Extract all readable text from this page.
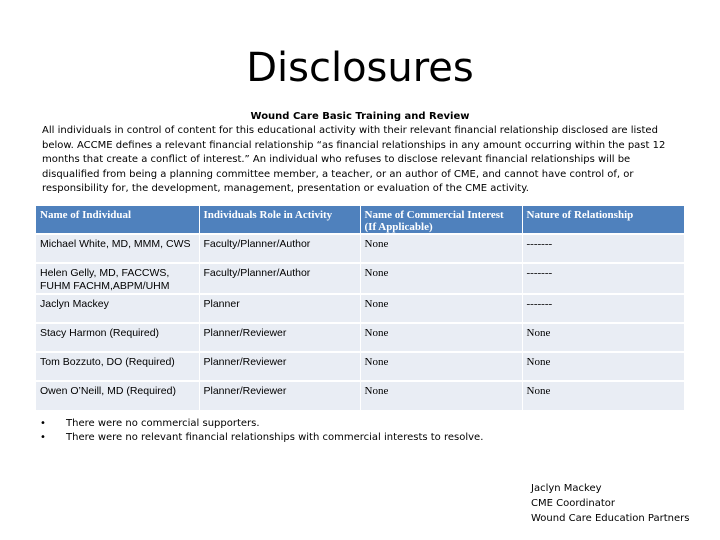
Disclosures
Wound Care Basic Training and Review
All individuals in control of content for this educational activity with their relevant financial relationship disclosed are listed below. ACCME defines a relevant financial relationship “as financial relationships in any amount occurring within the past 12 months that create a conflict of interest.” An individual who refuses to disclose relevant financial relationships will be disqualified from being a planning committee member, a teacher, or an author of CME, and cannot have control of, or responsibility for, the development, management, presentation or evaluation of the CME activity.
Name of Individual	Individuals Role in Activity	Name of Commercial Interest (If Applicable)	Nature of Relationship
Michael White, MD, MMM, CWS	Faculty/Planner/Author	None	-------
Helen Gelly, MD, FACCWS, FUHM FACHM,ABPM/UHM	Faculty/Planner/Author	None	-------
Jaclyn Mackey	Planner	None	-------
Stacy Harmon (Required)	Planner/Reviewer	None	None
Tom Bozzuto, DO (Required)	Planner/Reviewer	None	None
Owen O’Neill, MD (Required)	Planner/Reviewer	None	None
• There were no commercial supporters.
• There were no relevant financial relationships with commercial interests to resolve.
Jaclyn Mackey
CME Coordinator
Wound Care Education Partners
